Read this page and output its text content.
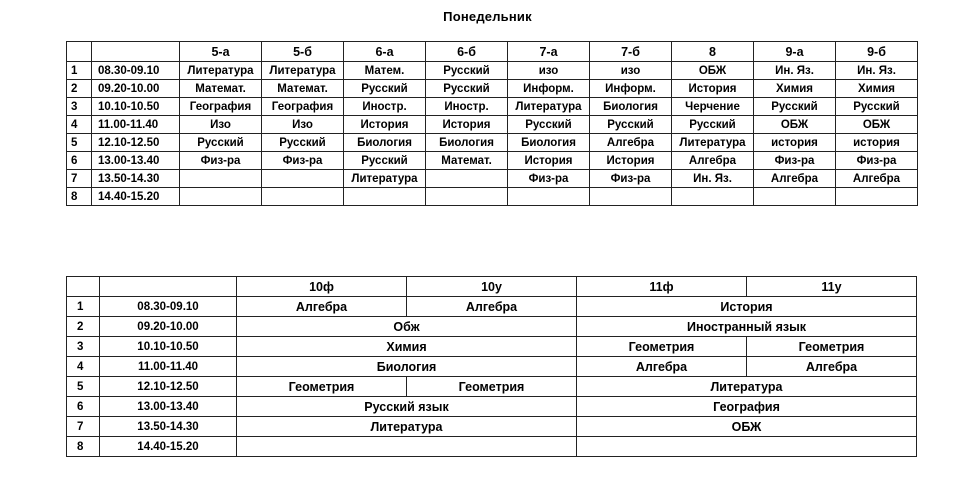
Понедельник
		5-а	5-б	6-а	6-б	7-а	7-б	8	9-а	9-б
1	08.30-09.10	Литература	Литература	Матем.	Русский	изо	изо	ОБЖ	Ин. Яз.	Ин. Яз.
2	09.20-10.00	Математ.	Математ.	Русский	Русский	Информ.	Информ.	История	Химия	Химия
3	10.10-10.50	География	География	Иностр.	Иностр.	Литература	Биология	Черчение	Русский	Русский
4	11.00-11.40	Изо	Изо	История	История	Русский	Русский	Русский	ОБЖ	ОБЖ
5	12.10-12.50	Русский	Русский	Биология	Биология	Биология	Алгебра	Литература	история	история
6	13.00-13.40	Физ-ра	Физ-ра	Русский	Математ.	История	История	Алгебра	Физ-ра	Физ-ра
7	13.50-14.30			Литература		Физ-ра	Физ-ра	Ин. Яз.	Алгебра	Алгебра
8	14.40-15.20									
		10ф	10у	11ф	11у
1	08.30-09.10	Алгебра	Алгебра	История	
2	09.20-10.00	Обж		Иностранный язык	
3	10.10-10.50	Химия		Геометрия	Геометрия
4	11.00-11.40	Биология		Алгебра	Алгебра
5	12.10-12.50	Геометрия	Геометрия	Литература	
6	13.00-13.40	Русский язык		География	
7	13.50-14.30	Литература		ОБЖ	
8	14.40-15.20				
